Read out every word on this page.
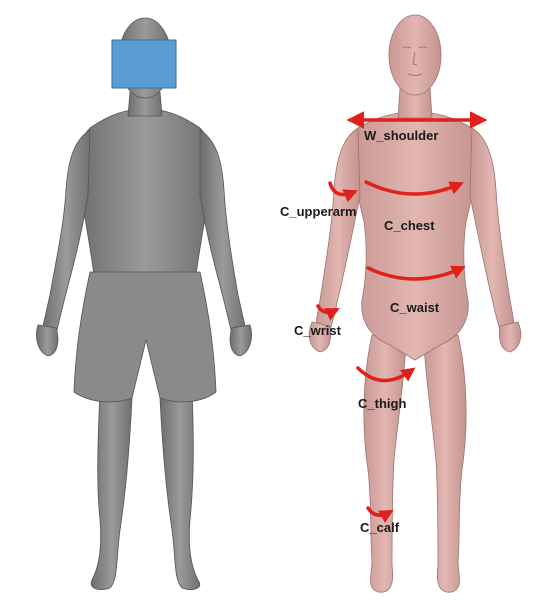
W_shoulder
C_upperarm
C_chest
C_waist
C_wrist
C_thigh
C_calf
